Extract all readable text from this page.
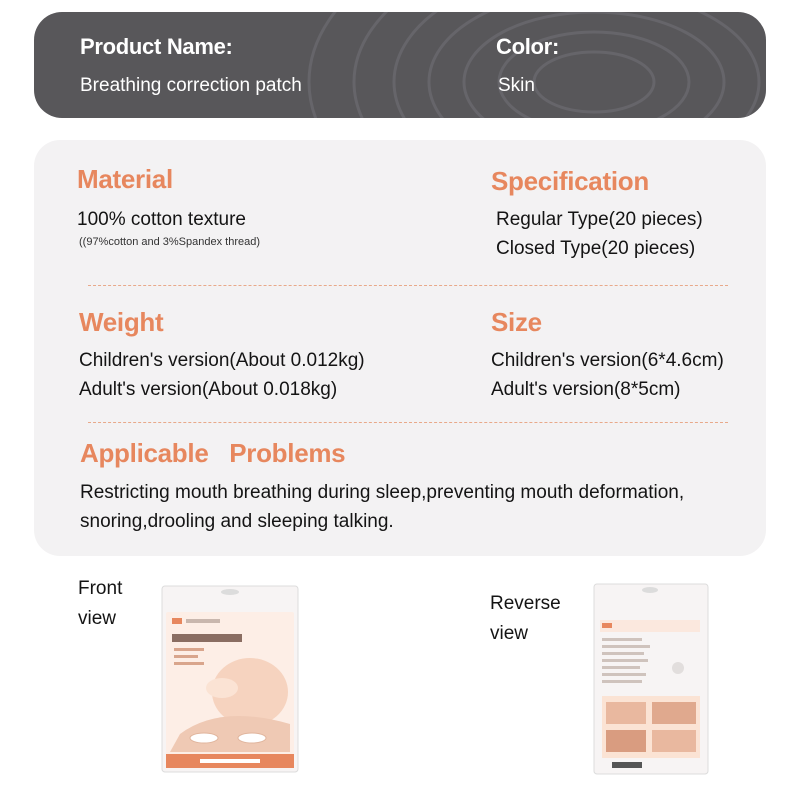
Product Name:
Breathing correction patch
Color:
Skin
Material
100% cotton texture
((97%cotton and 3%Spandex thread)
Specification
Regular Type(20 pieces)
Closed Type(20 pieces)
Weight
Children's version(About 0.012kg)
Adult's version(About 0.018kg)
Size
Children's version(6*4.6cm)
Adult's version(8*5cm)
Applicable   Problems
Restricting mouth breathing during sleep,preventing mouth deformation,
snoring,drooling and sleeping talking.
Front
view
Reverse
view
